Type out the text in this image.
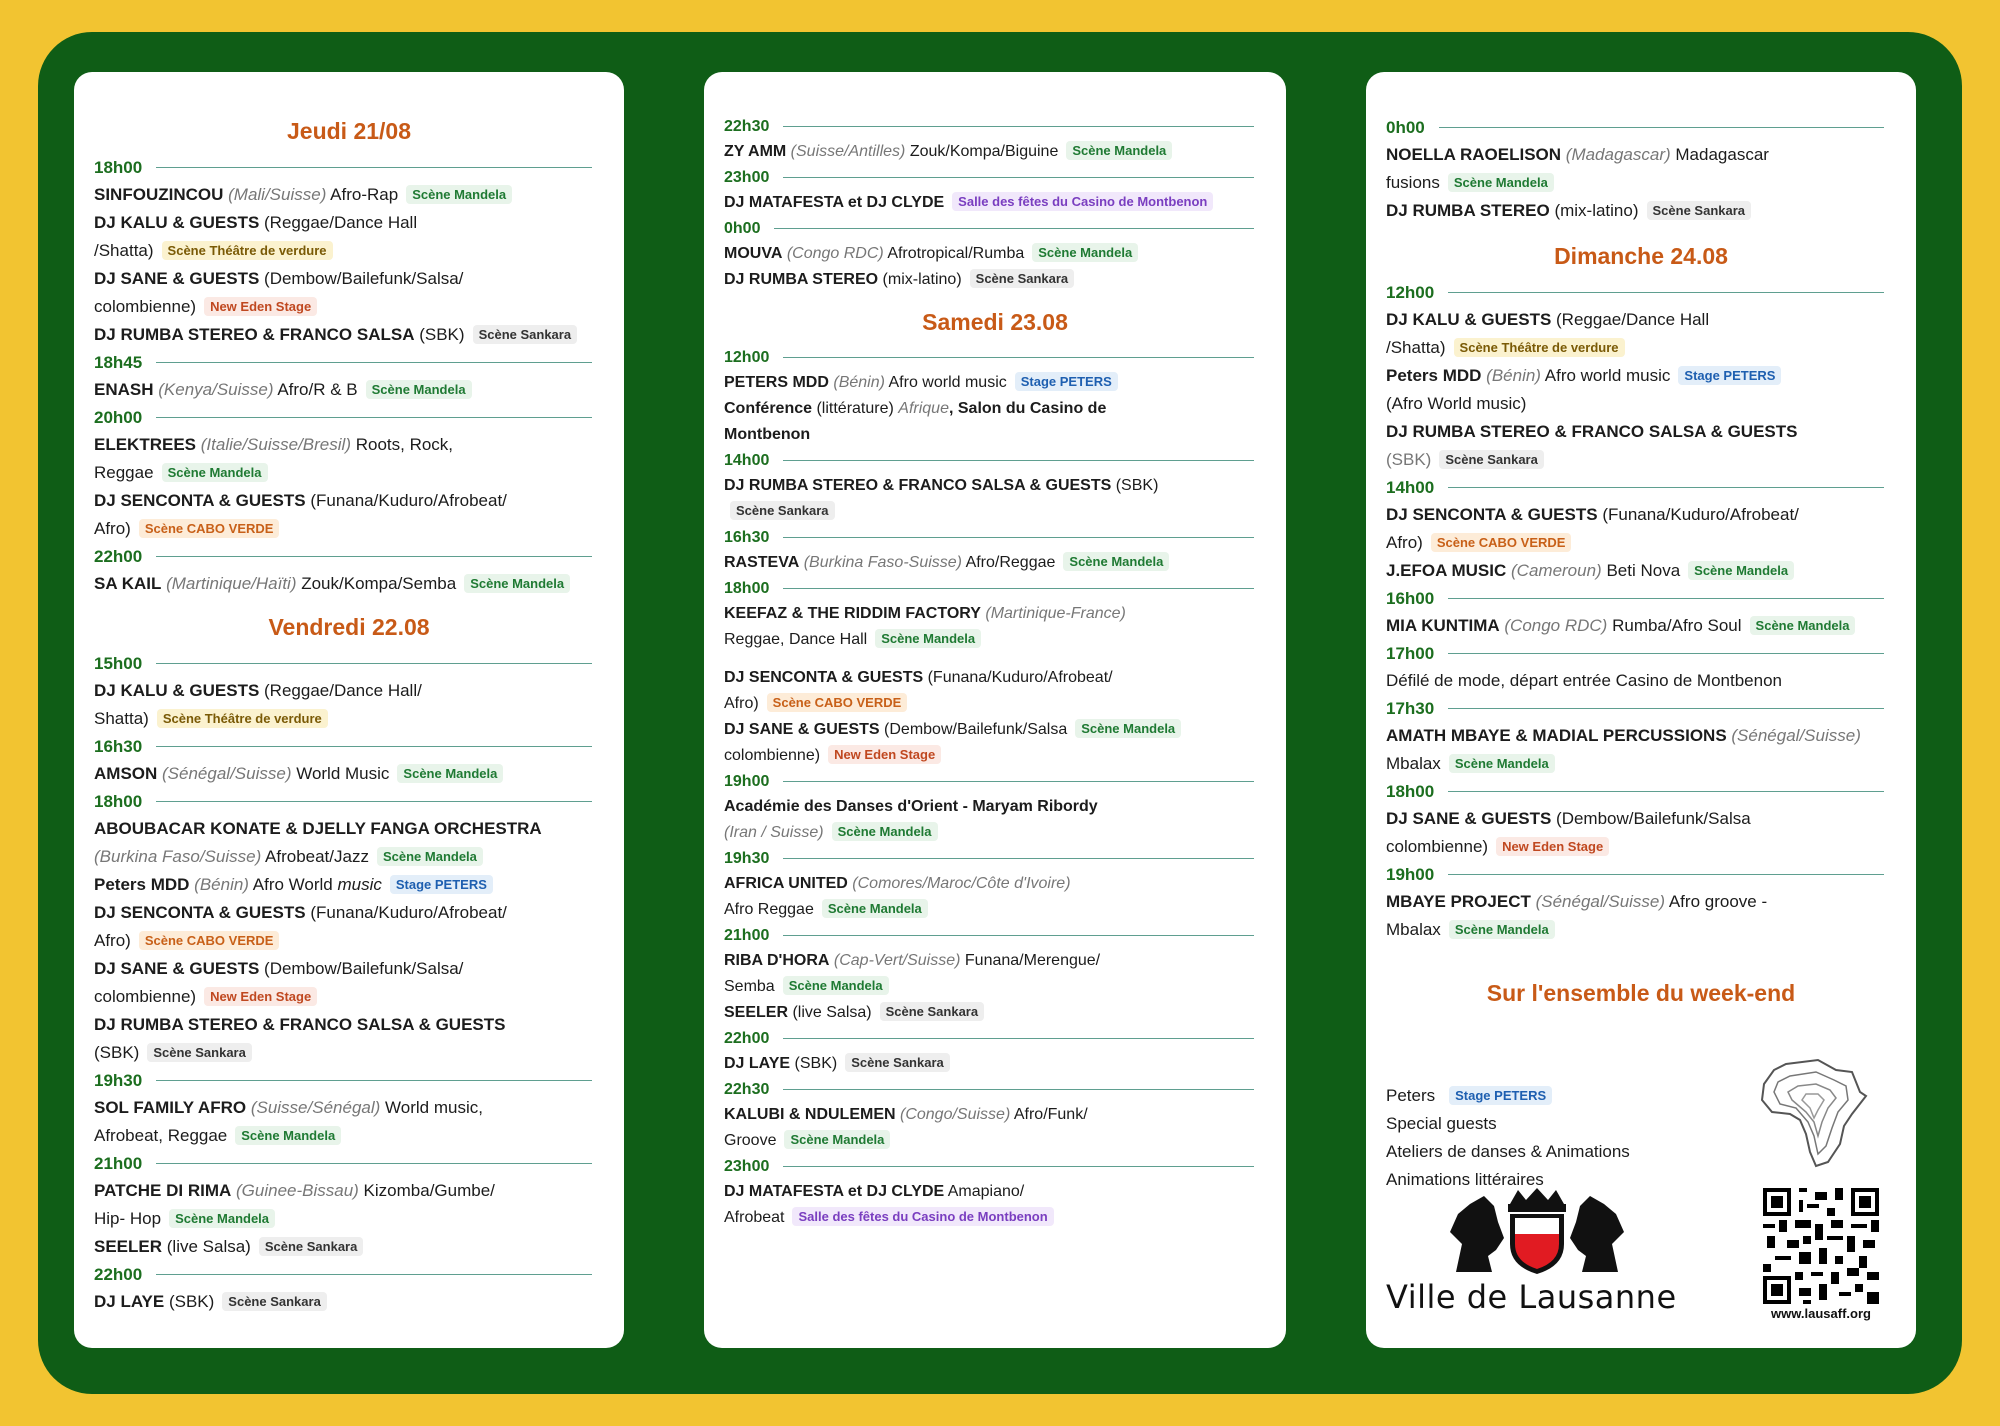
Jeudi 21/08
18h00
SINFOUZINCOU (Mali/Suisse) Afro-Rap Scène Mandela
DJ KALU & GUESTS (Reggae/Dance Hall
/Shatta) Scène Théâtre de verdure
DJ SANE & GUESTS (Dembow/Bailefunk/Salsa/
colombienne) New Eden Stage
DJ RUMBA STEREO & FRANCO SALSA (SBK) Scène Sankara
18h45
ENASH (Kenya/Suisse) Afro/R & B Scène Mandela
20h00
ELEKTREES (Italie/Suisse/Bresil) Roots, Rock,
Reggae Scène Mandela
DJ SENCONTA & GUESTS (Funana/Kuduro/Afrobeat/
Afro) Scène CABO VERDE
22h00
SA KAIL (Martinique/Haïti) Zouk/Kompa/Semba Scène Mandela
Vendredi 22.08
15h00
DJ KALU & GUESTS (Reggae/Dance Hall/
Shatta) Scène Théâtre de verdure
16h30
AMSON (Sénégal/Suisse) World Music Scène Mandela
18h00
ABOUBACAR KONATE & DJELLY FANGA ORCHESTRA
(Burkina Faso/Suisse) Afrobeat/Jazz Scène Mandela
Peters MDD (Bénin) Afro World music Stage PETERS
DJ SENCONTA & GUESTS (Funana/Kuduro/Afrobeat/
Afro) Scène CABO VERDE
DJ SANE & GUESTS (Dembow/Bailefunk/Salsa/
colombienne) New Eden Stage
DJ RUMBA STEREO & FRANCO SALSA & GUESTS
(SBK) Scène Sankara
19h30
SOL FAMILY AFRO (Suisse/Sénégal) World music,
Afrobeat, Reggae Scène Mandela
21h00
PATCHE DI RIMA (Guinee-Bissau) Kizomba/Gumbe/
Hip- Hop Scène Mandela
SEELER (live Salsa) Scène Sankara
22h00
DJ LAYE (SBK) Scène Sankara
22h30
ZY AMM (Suisse/Antilles) Zouk/Kompa/Biguine Scène Mandela
23h00
DJ MATAFESTA et DJ CLYDE Salle des fêtes du Casino de Montbenon
0h00
MOUVA (Congo RDC) Afrotropical/Rumba Scène Mandela
DJ RUMBA STEREO (mix-latino) Scène Sankara
Samedi 23.08
12h00
PETERS MDD (Bénin) Afro world music Stage PETERS
Conférence (littérature) Afrique, Salon du Casino de
Montbenon
14h00
DJ RUMBA STEREO & FRANCO SALSA & GUESTS (SBK)Scène Sankara
16h30
RASTEVA (Burkina Faso-Suisse) Afro/Reggae Scène Mandela
18h00
KEEFAZ & THE RIDDIM FACTORY (Martinique-France)
Reggae, Dance Hall Scène Mandela
DJ SENCONTA & GUESTS (Funana/Kuduro/Afrobeat/
Afro) Scène CABO VERDE
DJ SANE & GUESTS (Dembow/Bailefunk/Salsa Scène Mandela
colombienne) New Eden Stage
19h00
Académie des Danses d'Orient - Maryam Ribordy
(Iran / Suisse) Scène Mandela
19h30
AFRICA UNITED (Comores/Maroc/Côte d'Ivoire)
Afro Reggae Scène Mandela
21h00
RIBA D'HORA (Cap-Vert/Suisse) Funana/Merengue/
Semba Scène Mandela
SEELER (live Salsa) Scène Sankara
22h00
DJ LAYE (SBK) Scène Sankara
22h30
KALUBI & NDULEMEN (Congo/Suisse) Afro/Funk/
Groove Scène Mandela
23h00
DJ MATAFESTA et DJ CLYDE Amapiano/
Afrobeat Salle des fêtes du Casino de Montbenon
0h00
NOELLA RAOELISON (Madagascar) Madagascar
fusions Scène Mandela
DJ RUMBA STEREO (mix-latino) Scène Sankara
Dimanche 24.08
12h00
DJ KALU & GUESTS (Reggae/Dance Hall
/Shatta) Scène Théâtre de verdure
Peters MDD (Bénin) Afro world music Stage PETERS
(Afro World music)
DJ RUMBA STEREO & FRANCO SALSA & GUESTS
(SBK) Scène Sankara
14h00
DJ SENCONTA & GUESTS (Funana/Kuduro/Afrobeat/
Afro) Scène CABO VERDE
J.EFOA MUSIC (Cameroun) Beti Nova Scène Mandela
16h00
MIA KUNTIMA (Congo RDC) Rumba/Afro Soul Scène Mandela
17h00
Défilé de mode, départ entrée Casino de Montbenon
17h30
AMATH MBAYE & MADIAL PERCUSSIONS (Sénégal/Suisse)
Mbalax Scène Mandela
18h00
DJ SANE & GUESTS (Dembow/Bailefunk/Salsa
colombienne) New Eden Stage
19h00
MBAYE PROJECT (Sénégal/Suisse) Afro groove -
Mbalax Scène Mandela
Sur l'ensemble du week-end
Peters Stage PETERS
Special guests
Ateliers de danses & Animations
Animations littéraires
Ville de Lausanne	www.lausaff.org
